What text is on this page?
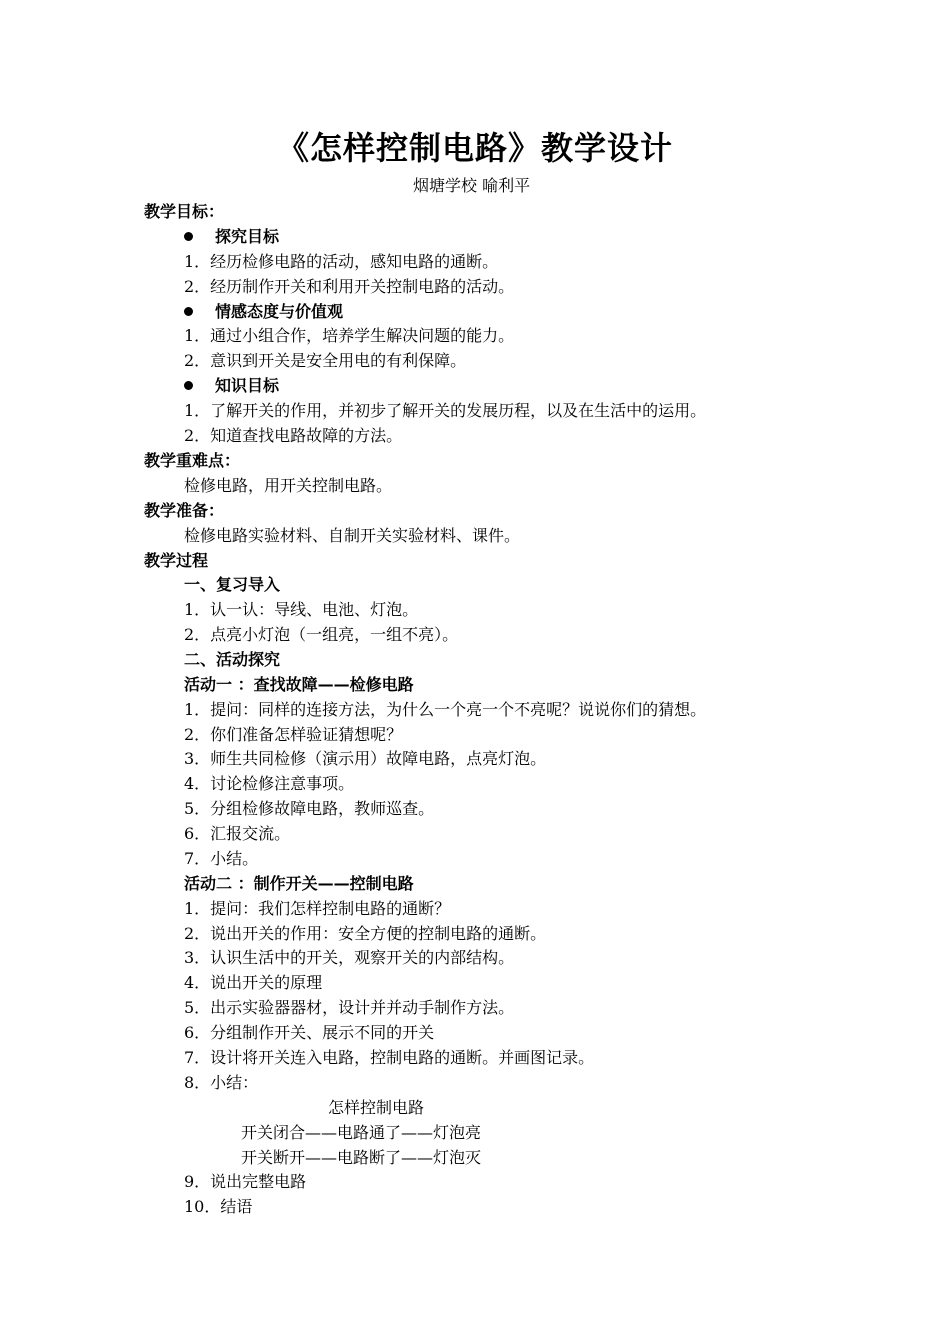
《怎样控制电路》教学设计
烟塘学校 喻利平
教学目标：
探究目标
1．经历检修电路的活动，感知电路的通断。
2．经历制作开关和利用开关控制电路的活动。
情感态度与价值观
1．通过小组合作，培养学生解决问题的能力。
2．意识到开关是安全用电的有利保障。
知识目标
1．了解开关的作用，并初步了解开关的发展历程，以及在生活中的运用。
2．知道查找电路故障的方法。
教学重难点：
检修电路，用开关控制电路。
教学准备：
检修电路实验材料、自制开关实验材料、课件。
教学过程
一、复习导入
1．认一认：导线、电池、灯泡。
2．点亮小灯泡（一组亮，一组不亮）。
二、活动探究
活动一 ：查找故障——检修电路
1．提问：同样的连接方法，为什么一个亮一个不亮呢？说说你们的猜想。
2．你们准备怎样验证猜想呢？
3．师生共同检修（演示用）故障电路，点亮灯泡。
4．讨论检修注意事项。
5．分组检修故障电路，教师巡查。
6．汇报交流。
7．小结。
活动二 ：制作开关——控制电路
1．提问：我们怎样控制电路的通断？
2．说出开关的作用：安全方便的控制电路的通断。
3．认识生活中的开关，观察开关的内部结构。
4．说出开关的原理
5．出示实验器器材，设计并并动手制作方法。
6．分组制作开关、展示不同的开关
7．设计将开关连入电路，控制电路的通断。并画图记录。
8．小结：
怎样控制电路
开关闭合——电路通了——灯泡亮
开关断开——电路断了——灯泡灭
9．说出完整电路
10．结语
